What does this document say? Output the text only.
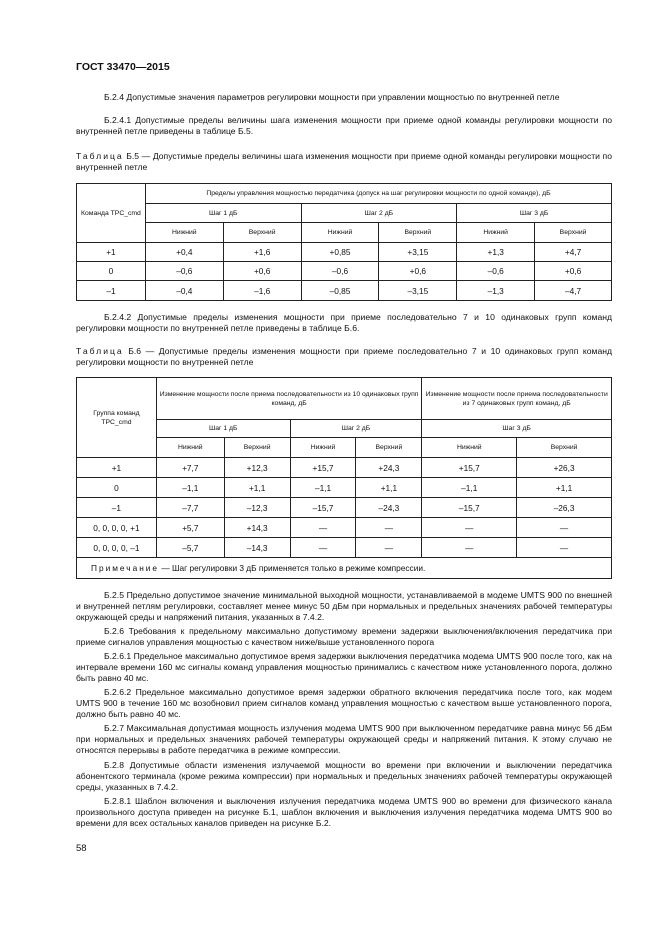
ГОСТ 33470—2015
Б.2.4 Допустимые значения параметров регулировки мощности при управлении мощностью по внутренней петле
Б.2.4.1 Допустимые пределы величины шага изменения мощности при приеме одной команды регулировки мощности по внутренней петле приведены в таблице Б.5.
Таблица Б.5 — Допустимые пределы величины шага изменения мощности при приеме одной команды регулировки мощности по внутренней петле
Команда TPC_cmd	Пределы управления мощностью передатчика (допуск на шаг регулировки мощности по одной команде), дБ					
	Шаг 1 дБ		Шаг 2 дБ		Шаг 3 дБ	
	Нижний	Верхний	Нижний	Верхний	Нижний	Верхний
+1	+0,4	+1,6	+0,85	+3,15	+1,3	+4,7
0	–0,6	+0,6	–0,6	+0,6	–0,6	+0,6
–1	–0,4	–1,6	–0,85	–3,15	–1,3	–4,7
Б.2.4.2 Допустимые пределы изменения мощности при приеме последовательно 7 и 10 одинаковых групп команд регулировки мощности по внутренней петле приведены в таблице Б.6.
Таблица Б.6 — Допустимые пределы изменения мощности при приеме последовательно 7 и 10 одинаковых групп команд регулировки мощности по внутренней петле
Группа команд TPC_cmd	Изменение мощности после приема последовательности из 10 одинаковых групп команд, дБ				Изменение мощности после приема последовательности из 7 одинаковых групп команд, дБ	
	Шаг 1 дБ		Шаг 2 дБ		Шаг 3 дБ	
	Нижний	Верхний	Нижний	Верхний	Нижний	Верхний
+1	+7,7	+12,3	+15,7	+24,3	+15,7	+26,3
0	–1,1	+1,1	–1,1	+1,1	–1,1	+1,1
–1	–7,7	–12,3	–15,7	–24,3	–15,7	–26,3
0, 0, 0, 0, +1	+5,7	+14,3	—	—	—	—
0, 0, 0, 0, –1	–5,7	–14,3	—	—	—	—
Примечание — Шаг регулировки 3 дБ применяется только в режиме компрессии.						
Б.2.5 Предельно допустимое значение минимальной выходной мощности, устанавливаемой в модеме UMTS 900 по внешней и внутренней петлям регулировки, составляет менее минус 50 дБм при нормальных и предельных значениях рабочей температуры окружающей среды и напряжений питания, указанных в 7.4.2.
Б.2.6 Требования к предельному максимально допустимому времени задержки выключения/включения передатчика при приеме сигналов управления мощностью с качеством ниже/выше установленного порога
Б.2.6.1 Предельное максимально допустимое время задержки выключения передатчика модема UMTS 900 после того, как на интервале времени 160 мс сигналы команд управления мощностью принимались с качеством ниже установленного порога, должно быть равно 40 мс.
Б.2.6.2 Предельное максимально допустимое время задержки обратного включения передатчика после того, как модем UMTS 900 в течение 160 мс возобновил прием сигналов команд управления мощностью с качеством выше установленного порога, должно быть равно 40 мс.
Б.2.7 Максимальная допустимая мощность излучения модема UMTS 900 при выключенном передатчике равна минус 56 дБм при нормальных и предельных значениях рабочей температуры окружающей среды и напряжений питания. К этому случаю не относятся перерывы в работе передатчика в режиме компрессии.
Б.2.8 Допустимые области изменения излучаемой мощности во времени при включении и выключении передатчика абонентского терминала (кроме режима компрессии) при нормальных и предельных значениях рабочей температуры окружающей среды, указанных в 7.4.2.
Б.2.8.1 Шаблон включения и выключения излучения передатчика модема UMTS 900 во времени для физического канала произвольного доступа приведен на рисунке Б.1, шаблон включения и выключения излучения передатчика модема UMTS 900 во времени для всех остальных каналов приведен на рисунке Б.2.
58
